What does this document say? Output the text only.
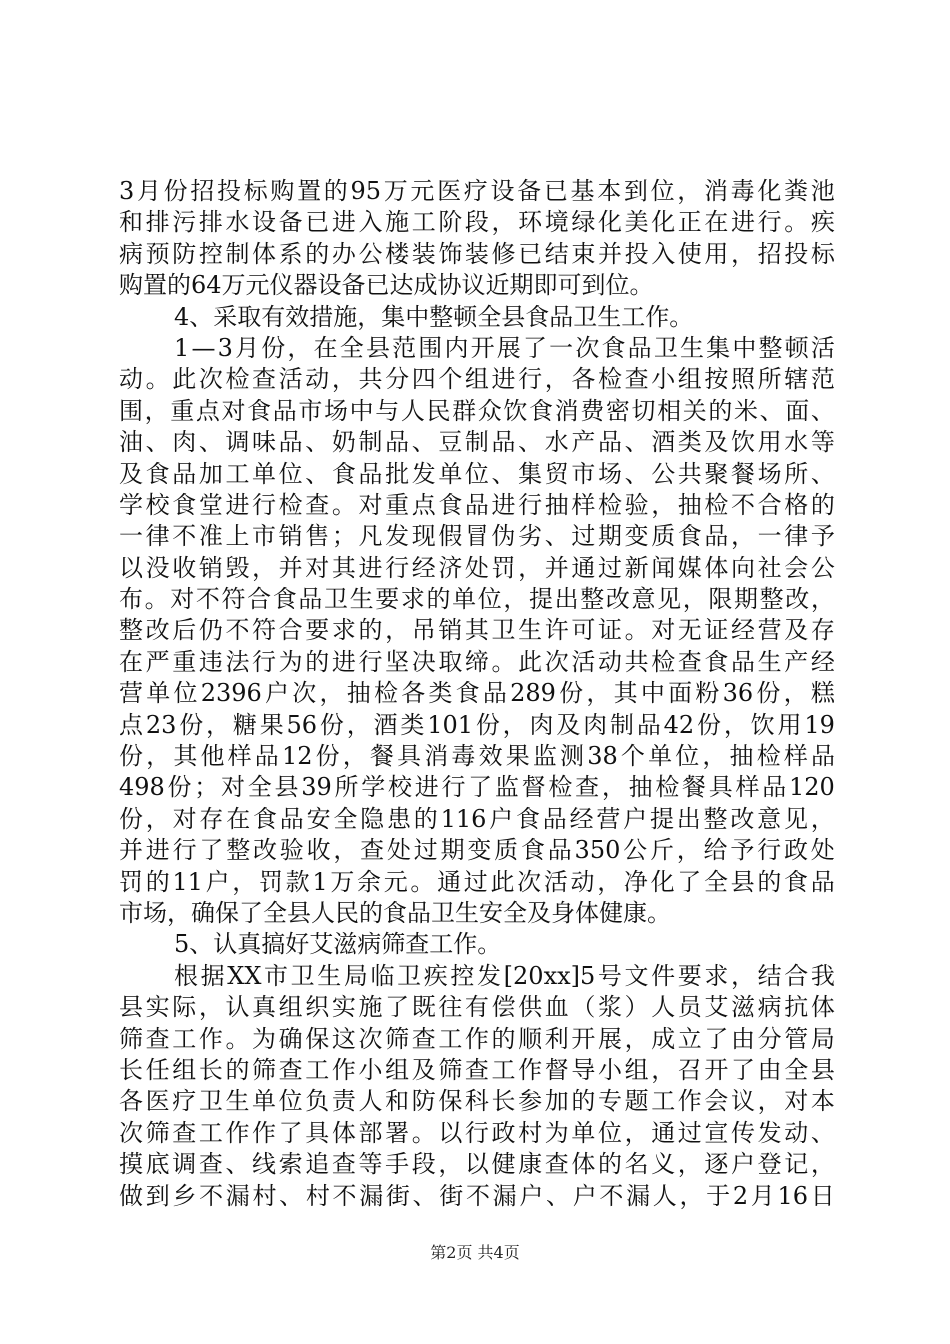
3 月 份 招 投 标 购 置 的 95 万 元 医 疗 设 备 已 基 本 到 位 ， 消 毒 化 粪 池
和 排 污 排 水 设 备 已 进 入 施 工 阶 段 ， 环 境 绿 化 美 化 正 在 进 行 。 疾
病 预 防 控 制 体 系 的 办 公 楼 装 饰 装 修 已 结 束 并 投 入 使 用 ， 招 投 标
购置的64万元仪器设备已达成协议近期即可到位。
4、采取有效措施，集中整顿全县食品卫生工作。
1 — 3 月 份 ， 在 全 县 范 围 内 开 展 了 一 次 食 品 卫 生 集 中 整 顿 活
动 。 此 次 检 查 活 动 ， 共 分 四 个 组 进 行 ， 各 检 查 小 组 按 照 所 辖 范
围 ， 重 点 对 食 品 市 场 中 与 人 民 群 众 饮 食 消 费 密 切 相 关 的 米 、 面 、
油 、 肉 、 调 味 品 、 奶 制 品 、 豆 制 品 、 水 产 品 、 酒 类 及 饮 用 水 等
及 食 品 加 工 单 位 、 食 品 批 发 单 位 、 集 贸 市 场 、 公 共 聚 餐 场 所 、
学 校 食 堂 进 行 检 查 。 对 重 点 食 品 进 行 抽 样 检 验 ， 抽 检 不 合 格 的
一 律 不 准 上 市 销 售 ； 凡 发 现 假 冒 伪 劣 、 过 期 变 质 食 品 ， 一 律 予
以 没 收 销 毁 ， 并 对 其 进 行 经 济 处 罚 ， 并 通 过 新 闻 媒 体 向 社 会 公
布 。 对 不 符 合 食 品 卫 生 要 求 的 单 位 ， 提 出 整 改 意 见 ， 限 期 整 改 ，
整 改 后 仍 不 符 合 要 求 的 ， 吊 销 其 卫 生 许 可 证 。 对 无 证 经 营 及 存
在 严 重 违 法 行 为 的 进 行 坚 决 取 缔 。 此 次 活 动 共 检 查 食 品 生 产 经
营 单 位 2396 户 次 ， 抽 检 各 类 食 品 289 份 ， 其 中 面 粉 36 份 ， 糕
点 23 份 ， 糖 果 56 份 ， 酒 类 101 份 ， 肉 及 肉 制 品 42 份 ， 饮 用 19
份 ， 其 他 样 品 12 份 ， 餐 具 消 毒 效 果 监 测 38 个 单 位 ， 抽 检 样 品
498 份 ； 对 全 县 39 所 学 校 进 行 了 监 督 检 查 ， 抽 检 餐 具 样 品 120
份 ， 对 存 在 食 品 安 全 隐 患 的 116 户 食 品 经 营 户 提 出 整 改 意 见 ，
并 进 行 了 整 改 验 收 ， 查 处 过 期 变 质 食 品 350 公 斤 ， 给 予 行 政 处
罚 的 11 户 ， 罚 款 1 万 余 元 。 通 过 此 次 活 动 ， 净 化 了 全 县 的 食 品
市场，确保了全县人民的食品卫生安全及身体健康。
5、认真搞好艾滋病筛查工作。
根 据 XX 市 卫 生 局 临 卫 疾 控 发 [20xx]5 号 文 件 要 求 ， 结 合 我
县 实 际 ， 认 真 组 织 实 施 了 既 往 有 偿 供 血 （ 浆 ） 人 员 艾 滋 病 抗 体
筛 查 工 作 。 为 确 保 这 次 筛 查 工 作 的 顺 利 开 展 ， 成 立 了 由 分 管 局
长 任 组 长 的 筛 查 工 作 小 组 及 筛 查 工 作 督 导 小 组 ， 召 开 了 由 全 县
各 医 疗 卫 生 单 位 负 责 人 和 防 保 科 长 参 加 的 专 题 工 作 会 议 ， 对 本
次 筛 查 工 作 作 了 具 体 部 署 。 以 行 政 村 为 单 位 ， 通 过 宣 传 发 动 、
摸 底 调 查 、 线 索 追 查 等 手 段 ， 以 健 康 查 体 的 名 义 ， 逐 户 登 记 ，
做 到 乡 不 漏 村 、 村 不 漏 街 、 街 不 漏 户 、 户 不 漏 人 ， 于 2 月 16 日
第2页 共4页
